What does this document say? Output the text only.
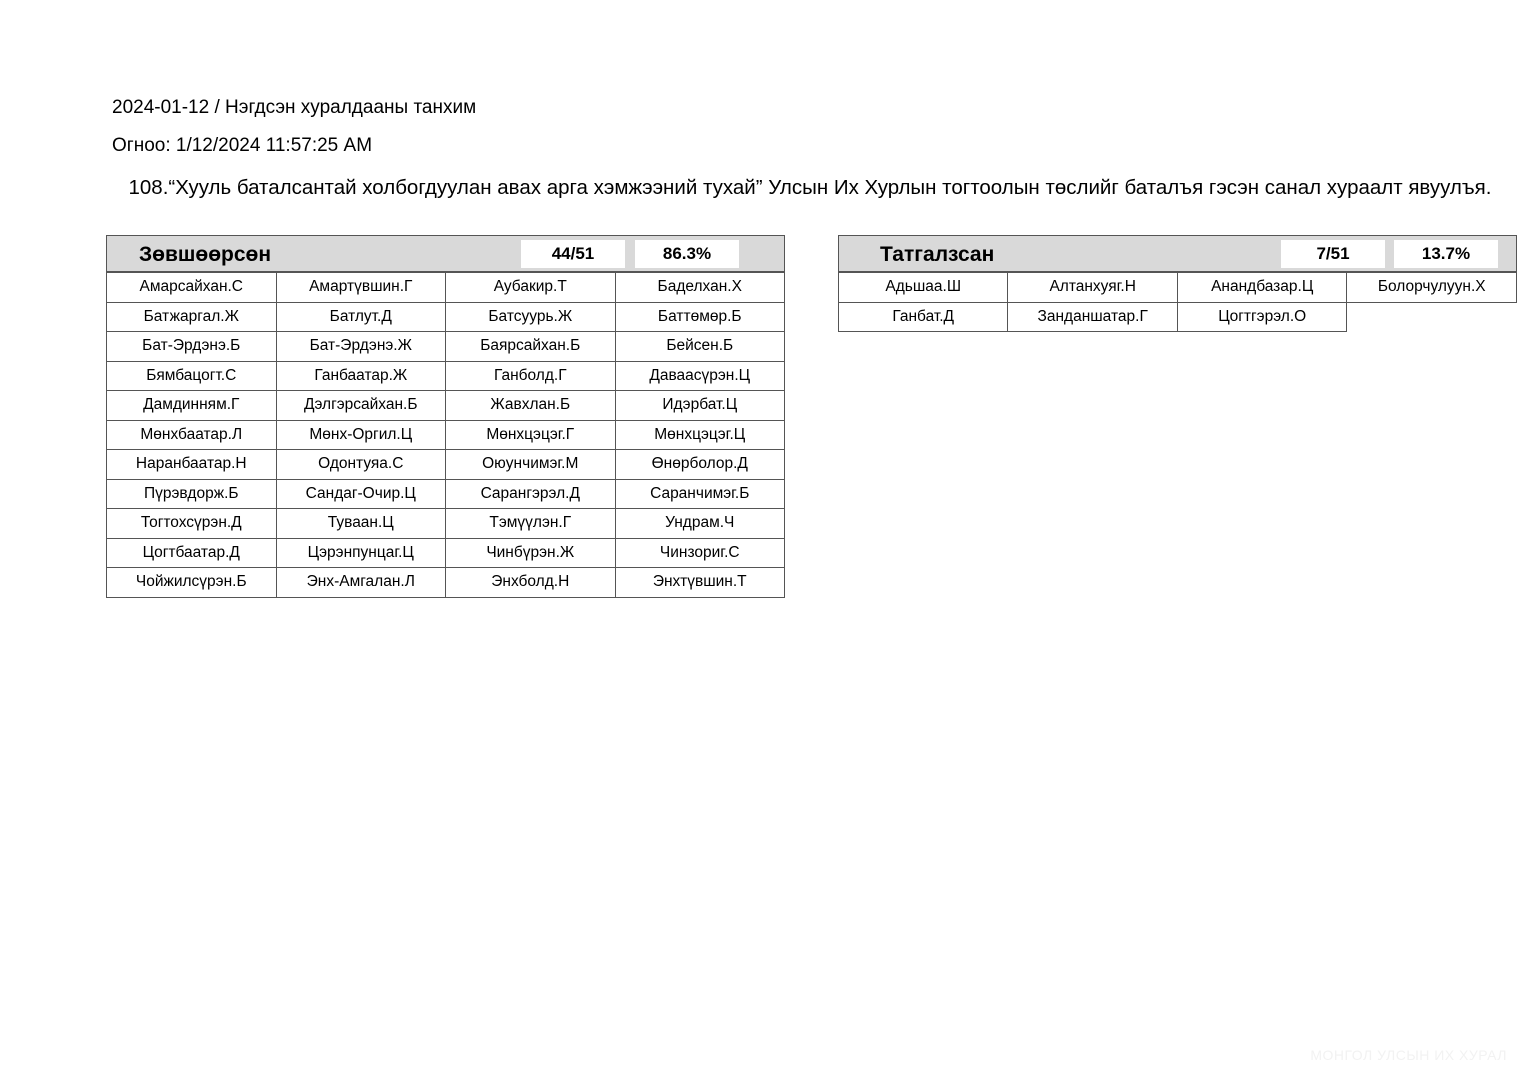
2024-01-12 / Нэгдсэн хуралдааны танхим
Огноо: 1/12/2024 11:57:25 AM
108.“Хууль баталсантай холбогдуулан авах арга хэмжээний тухай” Улсын Их Хурлын тогтоолын төслийг баталъя гэсэн санал хураалт явуулъя.
Зөвшөөрсөн	44/51	86.3%
Амарсайхан.С	Амартүвшин.Г	Аубакир.Т	Баделхан.Х
Батжаргал.Ж	Батлут.Д	Батсуурь.Ж	Баттөмөр.Б
Бат-Эрдэнэ.Б	Бат-Эрдэнэ.Ж	Баярсайхан.Б	Бейсен.Б
Бямбацогт.С	Ганбаатар.Ж	Ганболд.Г	Даваасүрэн.Ц
Дамдинням.Г	Дэлгэрсайхан.Б	Жавхлан.Б	Идэрбат.Ц
Мөнхбаатар.Л	Мөнх-Оргил.Ц	Мөнхцэцэг.Г	Мөнхцэцэг.Ц
Наранбаатар.Н	Одонтуяа.С	Оюунчимэг.М	Өнөрболор.Д
Пүрэвдорж.Б	Сандаг-Очир.Ц	Сарангэрэл.Д	Саранчимэг.Б
Тогтохсүрэн.Д	Туваан.Ц	Тэмүүлэн.Г	Ундрам.Ч
Цогтбаатар.Д	Цэрэнпунцаг.Ц	Чинбүрэн.Ж	Чинзориг.С
Чойжилсүрэн.Б	Энх-Амгалан.Л	Энхболд.Н	Энхтүвшин.Т
Татгалзсан	7/51	13.7%
Адьшаа.Ш	Алтанхуяг.Н	Анандбазар.Ц	Болорчулуун.Х
Ганбат.Д	Занданшатар.Г	Цогтгэрэл.О	
МОНГОЛ УЛСЫН ИХ ХУРАЛ
